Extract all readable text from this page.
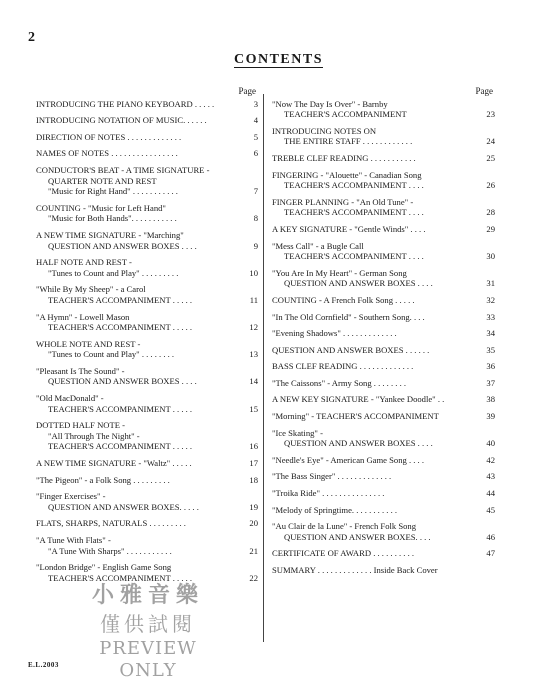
2
CONTENTS
Page
INTRODUCING THE PIANO KEYBOARD . . . . .	3
INTRODUCING NOTATION OF MUSIC. . . . . .	4
DIRECTION OF NOTES . . . . . . . . . . . . .	5
NAMES OF NOTES . . . . . . . . . . . . . . . .	6
CONDUCTOR'S BEAT - A TIME SIGNATURE -
QUARTER NOTE AND REST
"Music for Right Hand" . . . . . . . . . . .	7
COUNTING - "Music for Left Hand"
"Music for Both Hands". . . . . . . . . . .	8
A NEW TIME SIGNATURE - "Marching"
QUESTION AND ANSWER BOXES . . . .	9
HALF NOTE AND REST -
"Tunes to Count and Play" . . . . . . . . .	10
"While By My Sheep" - a Carol
TEACHER'S ACCOMPANIMENT . . . . .	11
"A Hymn" - Lowell Mason
TEACHER'S ACCOMPANIMENT . . . . .	12
WHOLE NOTE AND REST -
"Tunes to Count and Play" . . . . . . . .	13
"Pleasant Is The Sound" -
QUESTION AND ANSWER BOXES . . . .	14
"Old MacDonald" -
TEACHER'S ACCOMPANIMENT . . . . .	15
DOTTED HALF NOTE -
"All Through The Night" -
TEACHER'S ACCOMPANIMENT . . . . .	16
A NEW TIME SIGNATURE - "Waltz" . . . . .	17
"The Pigeon" - a Folk Song . . . . . . . . .	18
"Finger Exercises" -
QUESTION AND ANSWER BOXES. . . . .	19
FLATS, SHARPS, NATURALS . . . . . . . . .	20
"A Tune With Flats" -
"A Tune With Sharps" . . . . . . . . . . .	21
"London Bridge" - English Game Song
TEACHER'S ACCOMPANIMENT . . . . .	22
Page
"Now The Day Is Over" - Barnby
TEACHER'S ACCOMPANIMENT	23
INTRODUCING NOTES ON
THE ENTIRE STAFF . . . . . . . . . . . .	24
TREBLE CLEF READING . . . . . . . . . . .	25
FINGERING - "Alouette" - Canadian Song
TEACHER'S ACCOMPANIMENT . . . .	26
FINGER PLANNING - "An Old Tune" -
TEACHER'S ACCOMPANIMENT . . . .	28
A KEY SIGNATURE - "Gentle Winds" . . . .	29
"Mess Call" - a Bugle Call
TEACHER'S ACCOMPANIMENT . . . .	30
"You Are In My Heart" - German Song
QUESTION AND ANSWER BOXES . . . .	31
COUNTING - A French Folk Song . . . . .	32
"In The Old Cornfield" - Southern Song. . . .	33
"Evening Shadows" . . . . . . . . . . . . .	34
QUESTION AND ANSWER BOXES . . . . . .	35
BASS CLEF READING . . . . . . . . . . . . .	36
"The Caissons" - Army Song . . . . . . . .	37
A NEW KEY SIGNATURE - "Yankee Doodle" . .	38
"Morning" - TEACHER'S ACCOMPANIMENT	39
"Ice Skating" -
QUESTION AND ANSWER BOXES . . . .	40
"Needle's Eye" - American Game Song . . . .	42
"The Bass Singer" . . . . . . . . . . . . .	43
"Troika Ride" . . . . . . . . . . . . . . .	44
"Melody of Springtime. . . . . . . . . . .	45
"Au Clair de la Lune" - French Folk Song
QUESTION AND ANSWER BOXES. . . .	46
CERTIFICATE OF AWARD . . . . . . . . . .	47
SUMMARY . . . . . . . . . . . . . Inside Back Cover
小雅音樂
僅供試閱
PREVIEW
ONLY
E.L.2003
